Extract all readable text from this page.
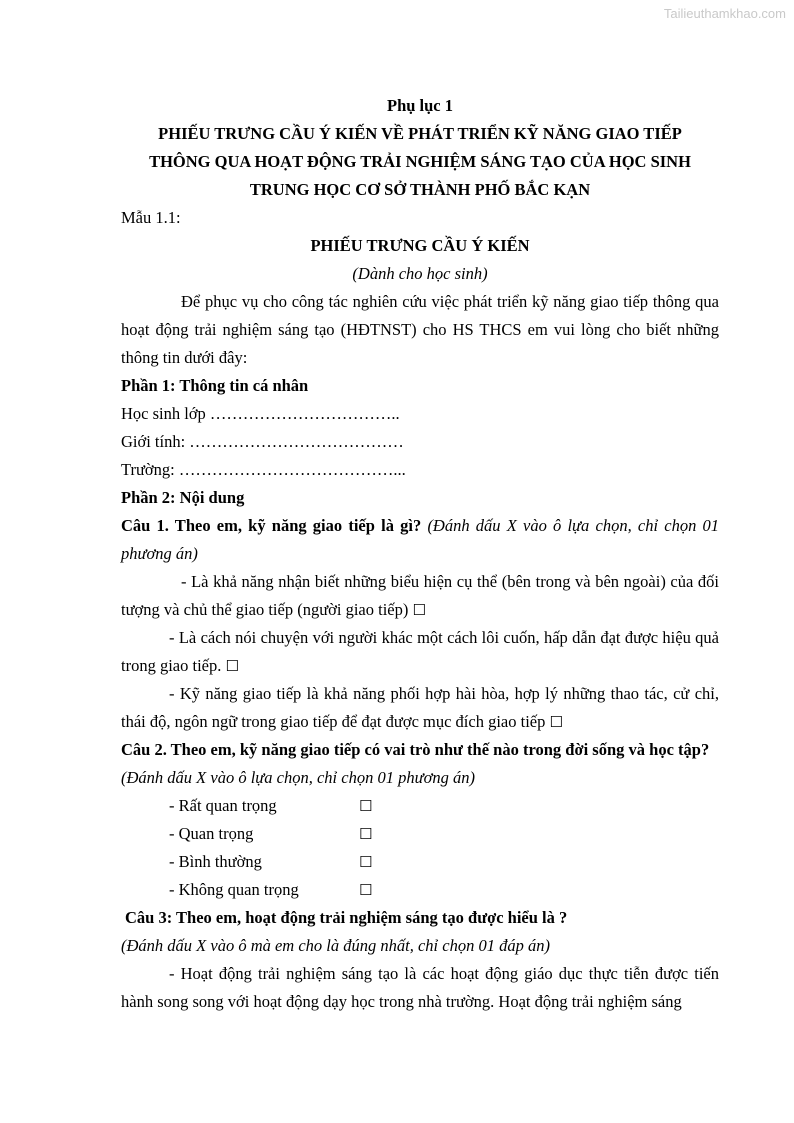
Tailieuthamkhao.com

Phụ lục 1

PHIẾU TRƯNG CẦU Ý KIẾN VỀ PHÁT TRIỂN KỸ NĂNG GIAO TIẾP

THÔNG QUA HOẠT ĐỘNG TRẢI NGHIỆM SÁNG TẠO CỦA HỌC SINH

TRUNG HỌC CƠ SỞ THÀNH PHỐ BẮC KẠN

Mẫu 1.1:

PHIẾU TRƯNG CẦU Ý KIẾN

(Dành cho học sinh)

Để phục vụ cho công tác nghiên cứu việc phát triển kỹ năng giao tiếp thông qua hoạt động trải nghiệm sáng tạo (HĐTNST) cho HS THCS em vui lòng cho biết những thông tin dưới đây:

Phần 1: Thông tin cá nhân

Học sinh lớp ……………………………..

Giới tính: …………………………………

Trường: …………………………………...

Phần 2: Nội dung

Câu 1. Theo em, kỹ năng giao tiếp là gì? (Đánh dấu X vào ô lựa chọn, chỉ chọn 01 phương án)

- Là khả năng nhận biết những biểu hiện cụ thể (bên trong và bên ngoài) của đối tượng và chủ thể giao tiếp (người giao tiếp) ☐

- Là cách nói chuyện với người khác một cách lôi cuốn, hấp dẫn đạt được hiệu quả trong giao tiếp. ☐

- Kỹ năng giao tiếp là khả năng phối hợp hài hòa, hợp lý những thao tác, cử chỉ, thái độ, ngôn ngữ trong giao tiếp để đạt được mục đích giao tiếp ☐

Câu 2. Theo em, kỹ năng giao tiếp có vai trò như thế nào trong đời sống và học tập?

(Đánh dấu X vào ô lựa chọn, chỉ chọn 01 phương án)

- Rất quan trọng	☐
- Quan trọng	☐
- Bình thường	☐
- Không quan trọng	☐

Câu 3: Theo em, hoạt động trải nghiệm sáng tạo được hiểu là ?

(Đánh dấu X vào ô mà em cho là đúng nhất, chỉ chọn 01 đáp án)

- Hoạt động trải nghiệm sáng tạo là các hoạt động giáo dục thực tiễn được tiến hành song song với hoạt động dạy học trong nhà trường. Hoạt động trải nghiệm sáng
